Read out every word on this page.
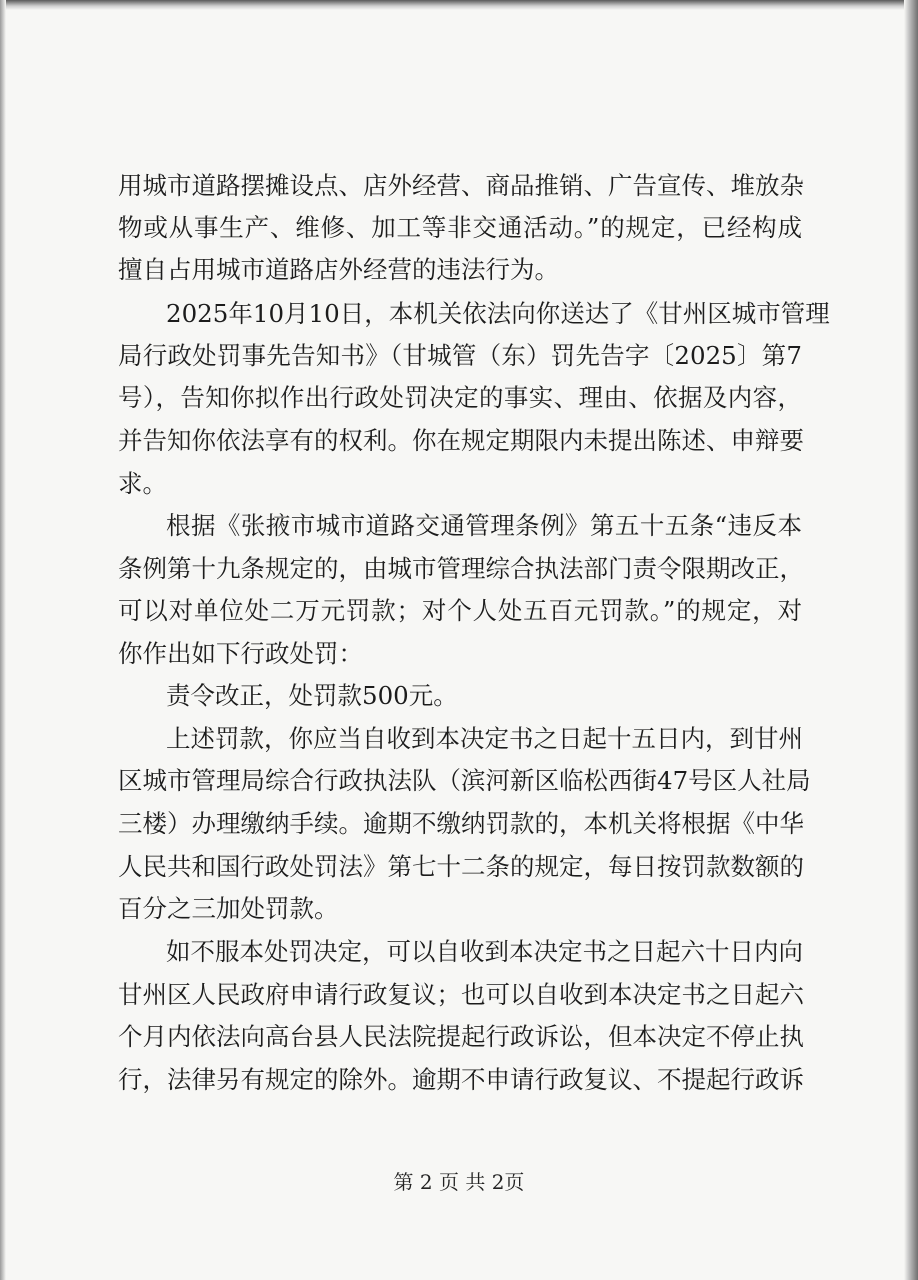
用城市道路摆摊设点、店外经营、商品推销、广告宣传、堆放杂
物或从事生产、维修、加工等非交通活动。”的规定，已经构成
擅自占用城市道路店外经营的违法行为。
2025年10月10日，本机关依法向你送达了《甘州区城市管理
局行政处罚事先告知书》（甘城管（东）罚先告字〔2025〕第7
号），告知你拟作出行政处罚决定的事实、理由、依据及内容，
并告知你依法享有的权利。你在规定期限内未提出陈述、申辩要
求。
根据《张掖市城市道路交通管理条例》第五十五条“违反本
条例第十九条规定的，由城市管理综合执法部门责令限期改正，
可以对单位处二万元罚款；对个人处五百元罚款。”的规定，对
你作出如下行政处罚：
责令改正，处罚款500元。
上述罚款，你应当自收到本决定书之日起十五日内，到甘州
区城市管理局综合行政执法队（滨河新区临松西街47号区人社局
三楼）办理缴纳手续。逾期不缴纳罚款的，本机关将根据《中华
人民共和国行政处罚法》第七十二条的规定，每日按罚款数额的
百分之三加处罚款。
如不服本处罚决定，可以自收到本决定书之日起六十日内向
甘州区人民政府申请行政复议；也可以自收到本决定书之日起六
个月内依法向高台县人民法院提起行政诉讼，但本决定不停止执
行，法律另有规定的除外。逾期不申请行政复议、不提起行政诉
第 2 页 共 2页
